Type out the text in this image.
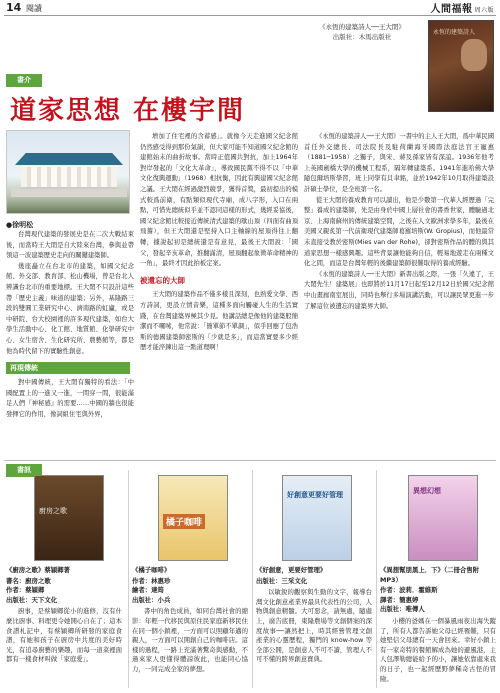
14 閱讀	人間福報 周六版
《永恆的建築詩人──王大閎》
出版社：木馬出版社
永恆的建築詩人
書介
道家思想 在樓宇間
●徐明松

台灣現代建築的發展史是在二次大戰結束後，而當時王大閎是自大陸來台灣，參與並帶領這一波建築歷史走向的關鍵建築師。

幾座矗立在台北市的建築，如國父紀念館、外交部、教育部、松山機場，曾是台北人辨識台北市的重要地標。王大閎不只設計這些帶「歷史主義」味道的建築；另外，基隆路三段的雙圓工業研究中心、濟南路的虹廬，或是中研院、台大校園裡的許多現代建築，如台大學生活動中心、化工館、地質館、化學研究中心、女生宿舍、生化研究所、農藝館等，都是他為時代留下的實驗性創意。

再現傳統

對中國傳統，王大閎有獨特的看法：「中國配置上的一進又一進，一間穿一間，很能滿足人們『神秘感』的需要……中國的牆也很能發揮它的作用，像詞組住宅與外界，

增加了住宅裡的含蓄感」。就像今天走進國父紀念館仍然感受得到那份氣韻，但大家可能不知道國父紀念館的建館始末的曲折故事。當時正值國共對抗，加上1964年對岸發起的「文化大革命」，導致國民黨不得不以「中華文化復興運動」（1968）相抗衡，因此有興建國父紀念館之議。王大閎在經過激烈競爭，獲得首獎，最初提出的模式較爲前衛，有點類似現代寺廟，成八字形，入口在兩點，可惜先總統似乎並不認同這樣的形式，幾經妥協後，國父紀念館比較接近傳統清式建築的歇山頂（四面有曲頂飛簷），但王大閎還是堅持入口主軸線的屋頂得往上翻轉，據說起初是總統還是有意見，最後王大閎說：「國父，發起辛亥革命，推翻滿清，屋頂翻起象徵革命精神的一角」，最終才因此拍板定案。

被遺忘的大師

王大閎的建築作品不僅多樣且深刻，也熟愛文學、西方詩詞，更設立情音樂，這種多面向觸碰人生的生活實踐，在台灣建築界極其少見。他講話總是像他的建築般簡潔而不囉嗦，他常說：「簡單節不單調」，似乎回應了包浩斯的德國建築師密斯的「少就是多」，而這當實要多少經歷才能淬鍊出這一點道理啊！

《永恆的建築詩人──王大閎》一書中的主人王大閎，爲中華民國首任外交總長、司法院長及駐荷蘭海牙國際法庭法官王寵惠（1881─1958）之獨子，與宋、蔣及孫家皆有深誼。1936年他考上英國劍橋大學的機械工程系，隔年轉建築系。1941年進哈佛大學隨包爾培斯學習，班上同學有貝聿銘，並於1942年10月取得建築設計碩士學位，是全班第一名。

從王大閎的養成教育可以讀出，他是少數第一代華人經歷過「完整」養成的建築師，先是由身於中國上層社會的書香世家，體驗過北京、上海南蘇州的傳統建築空間，之後在人文歐洲求學多年，最後在美國又親炙第一代前衛現代建築師葛羅培斯(W. Gropius)，而他最常未直接受教於密斯(Mies van der Rohe)，卻對密斯作品的體的與其道家思想一樣感興趣。這些背景讓他能夠自信，輕易地遊走在兩種文化之間，而這是台灣年輕的後繼建築師很難取得的養成經驗。

《永恆的建築詩人──王大閎》新書出版之際，一張「久違了，王大閎先生！建築展」也即將於11月17日起至12月12日於國父紀念館中山畫廊南室展出，同時也舉行多場演講活動，可以讓民眾更進一步了解這位被遺忘的建築界大師。

書訊
廚房之歌
橘子咖啡
好創意更要好管理	異想幻想
《廚房之歌》蔡穎卿著
書名：廚房之歌
作者：蔡穎卿
出版社：天下文化
廚事，是蔡穎卿從小的進修，沒有什麼比廚事、料理更令她開心自在了；這本食譜札記中，有蔡穎卿所研發的家庭食譜，有她和孩子在廚房中共度的美好時光，有追尋廚藝的樂趣，而每一道菜裡面都有一樣食材叫做「家庭愛」。
《橘子咖啡》
作者：林惠珍
繪者：達筠
出版社：小兵
書中的角色成員，如同台灣社會的縮影：年輕一代移民與原住民家庭新移民住在同一個小鎮裡，一方面可以照顧年邁的親人，一方面可以開創自己的咖啡店。這樣的過程，一路上充滿著驚奇與感動，不過來家人更懂得體諒彼此，也能同心協力，一同完成全家的夢想。
《好創意，更要好管理》
出版社：三采文化
以敏銳的觀察與生動的文字，報導台灣文化創意產業界最具代表性的公司，人物與創意精髓。大可惡念，請無處，隨處上，廣告底冊，東隆農場等文創個案的深度故事──讓然把上，時其經營管理文創產業的心靈歷程，獨門的 know-how 等全部公開，是創意人不可不讀，管理人不可不懂的跨界創意寶典。
《異想幫朋黑上．下》（二冊合售附 MP3）
作者：波莉．霍維斯
譯者：簡惠婷
出版社：唯傳人
小櫻的爸媽在一個暴風雨夜出海失蹤了，所有人都告訴她父母已經罹難，只有她堅信父母總有一天會回來。幸好小鎮上有一家奇特的餐館解成為她的避風港，主人包澤勒總能給予的小，讓她依靠處來我的日子，也一起經歷野夢稀奇古怪的冒險。
